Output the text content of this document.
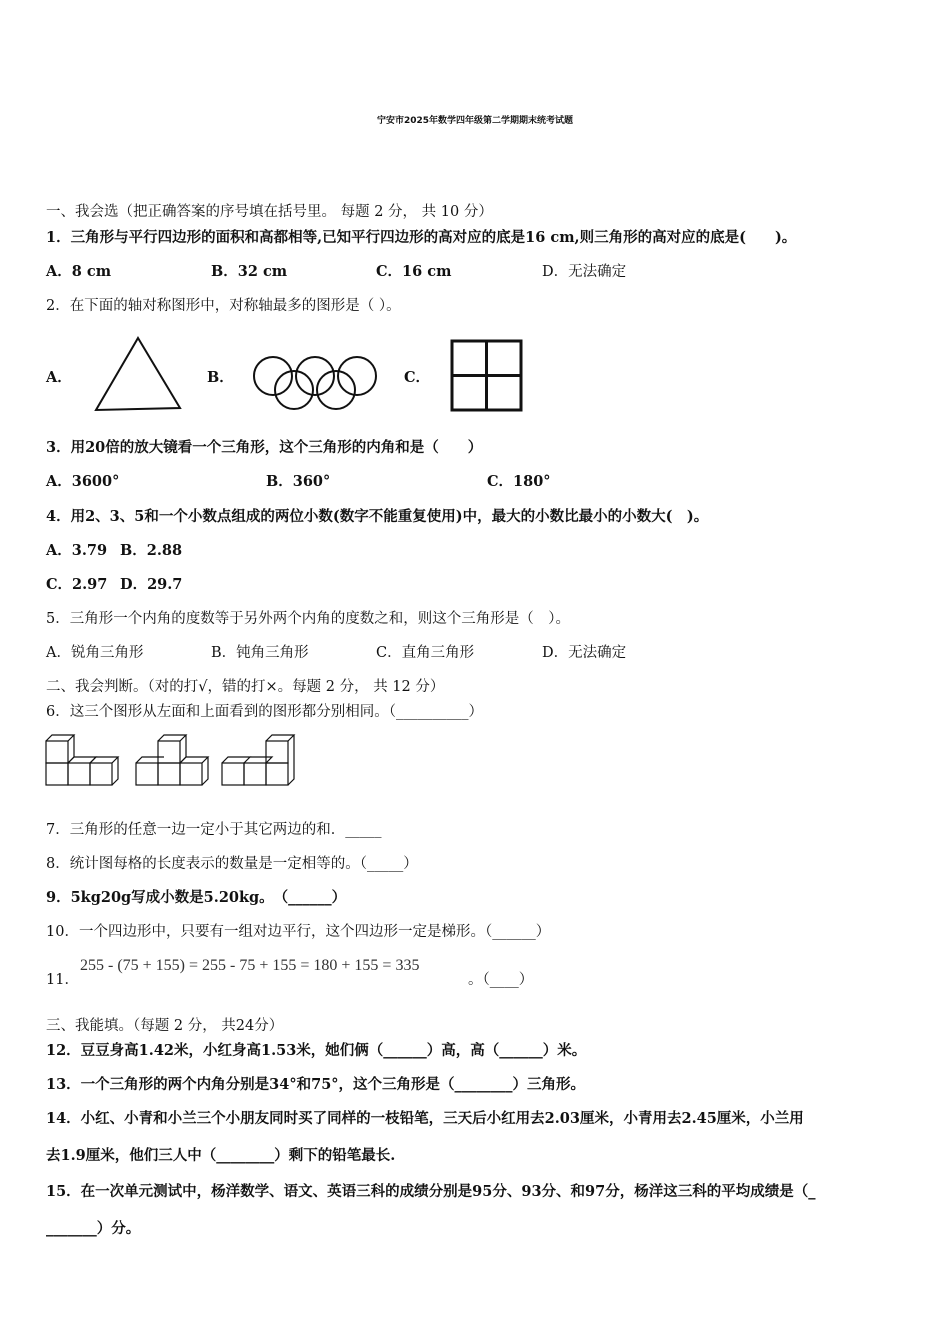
宁安市2025年数学四年级第二学期期末统考试题
一、我会选（把正确答案的序号填在括号里。 每题 2 分， 共 10 分）
1．三角形与平行四边形的面积和高都相等,已知平行四边形的高对应的底是16 cm,则三角形的高对应的底是(　　)。
A．8 cm	B．32 cm	C．16 cm	D．无法确定
2．在下面的轴对称图形中，对称轴最多的图形是（ ）。
A．	B．	C．
3．用20倍的放大镜看一个三角形，这个三角形的内角和是（　　）
A．3600°	B．360°	C．180°
4．用2、3、5和一个小数点组成的两位小数(数字不能重复使用)中，最大的小数比最小的小数大(　)。
A．3.79 B．2.88
C．2.97 D．29.7
5．三角形一个内角的度数等于另外两个内角的度数之和，则这个三角形是（　）。
A．锐角三角形	B．钝角三角形	C．直角三角形	D．无法确定
二、我会判断。（对的打√，错的打×。每题 2 分， 共 12 分）
6．这三个图形从左面和上面看到的图形都分别相同。（__________）
7．三角形的任意一边一定小于其它两边的和．_____
8．统计图每格的长度表示的数量是一定相等的。（_____）
9．5kg20g写成小数是5.20kg。　（______）
10．一个四边形中，只要有一组对边平行，这个四边形一定是梯形。（______）
11．
255 - (75 + 155) = 255 - 75 + 155 = 180 + 155 = 335
。（____）
三、我能填。（每题 2 分， 共24分）
12．豆豆身高1.42米，小红身高1.53米，她们俩（______）高，高（______）米。
13．一个三角形的两个内角分别是34°和75°，这个三角形是（________）三角形。
14．小红、小青和小兰三个小朋友同时买了同样的一枝铅笔，三天后小红用去2.03厘米，小青用去2.45厘米，小兰用
去1.9厘米，他们三人中（________）剩下的铅笔最长.
15．在一次单元测试中，杨洋数学、语文、英语三科的成绩分别是95分、93分、和97分，杨洋这三科的平均成绩是（_
_______）分。
